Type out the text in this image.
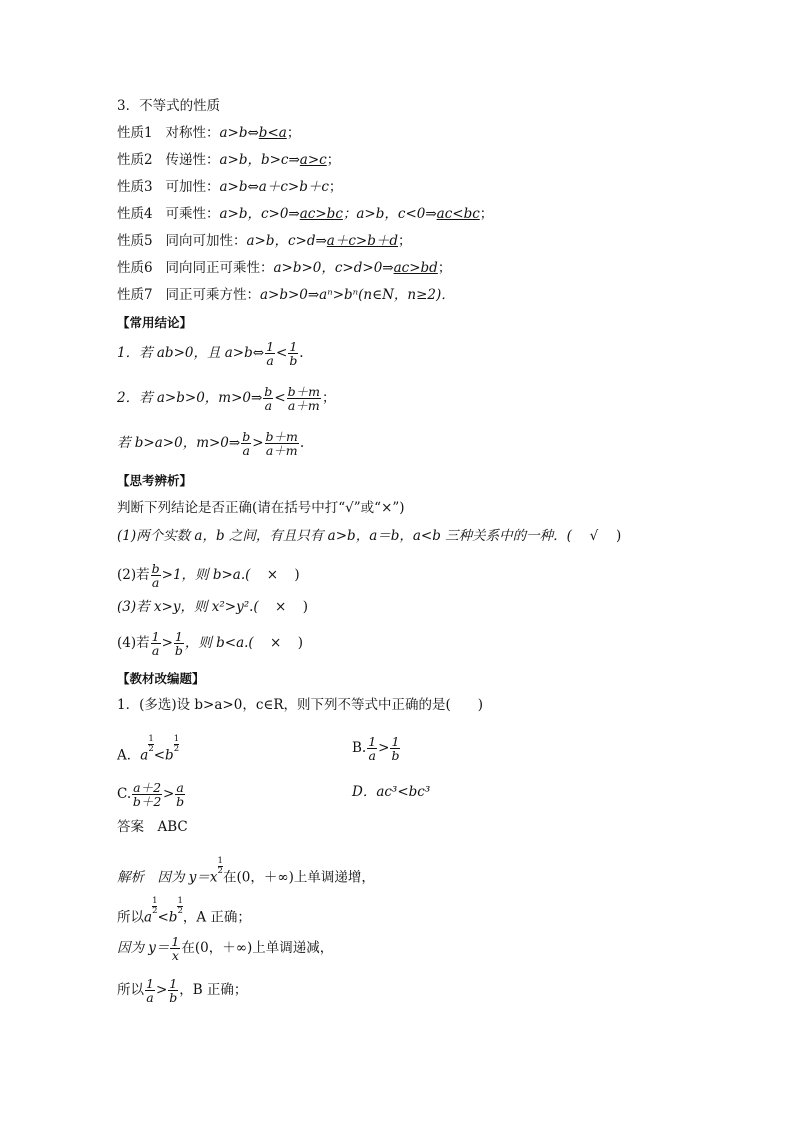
3．不等式的性质
性质1 对称性：a>b⇔b<a；
性质2 传递性：a>b，b>c⇒a>c；
性质3 可加性：a>b⇔a＋c>b＋c；
性质4 可乘性：a>b，c>0⇒ac>bc；a>b，c<0⇒ac<bc；
性质5 同向可加性：a>b，c>d⇒a＋c>b＋d；
性质6 同向同正可乘性：a>b>0，c>d>0⇒ac>bd；
性质7 同正可乘方性：a>b>0⇒aⁿ>bⁿ(n∈N，n≥2)．
【常用结论】
1．若 ab>0，且 a>b⇔ $\frac{1}{a} < \frac{1}{b}$ .
2．若 a>b>0，m>0⇒ $\frac{b}{a} < \frac{b+m}{a+m}$ ；
若 b>a>0，m>0⇒ $\frac{b}{a} > \frac{b+m}{a+m}$ .
【思考辨析】
判断下列结论是否正确(请在括号中打“√”或“×”)
(1)两个实数 a，b 之间，有且只有 a>b，a＝b，a<b 三种关系中的一种．( √ )
(2)若 $\frac{b}{a} >1$，则 b>a.( × )
(3)若 x>y，则 x²>y².( × )
(4)若 $\frac{1}{a} > \frac{1}{b}$ ，则 b<a.( × )
【教材改编题】
1．(多选)设 b>a>0，c∈R，则下列不等式中正确的是(　　)
A．a
$\frac{1}{2}$
<b
$\frac{1}{2}$	B. $\frac{1}{a} > \frac{1}{b}$
C. $\frac{a+2}{b+2} > \frac{a}{b}$	D．ac³<bc³
答案　ABC
解析　因为 y＝x
$\frac{1}{2}$
在(0，＋∞)上单调递增，
所以a
$\frac{1}{2}$
<b
$\frac{1}{2}$
，A 正确；
因为 $y= \frac{1}{x}$ 在(0，＋∞)上单调递减，
所以 $\frac{1}{a} > \frac{1}{b}$ ，B 正确；
